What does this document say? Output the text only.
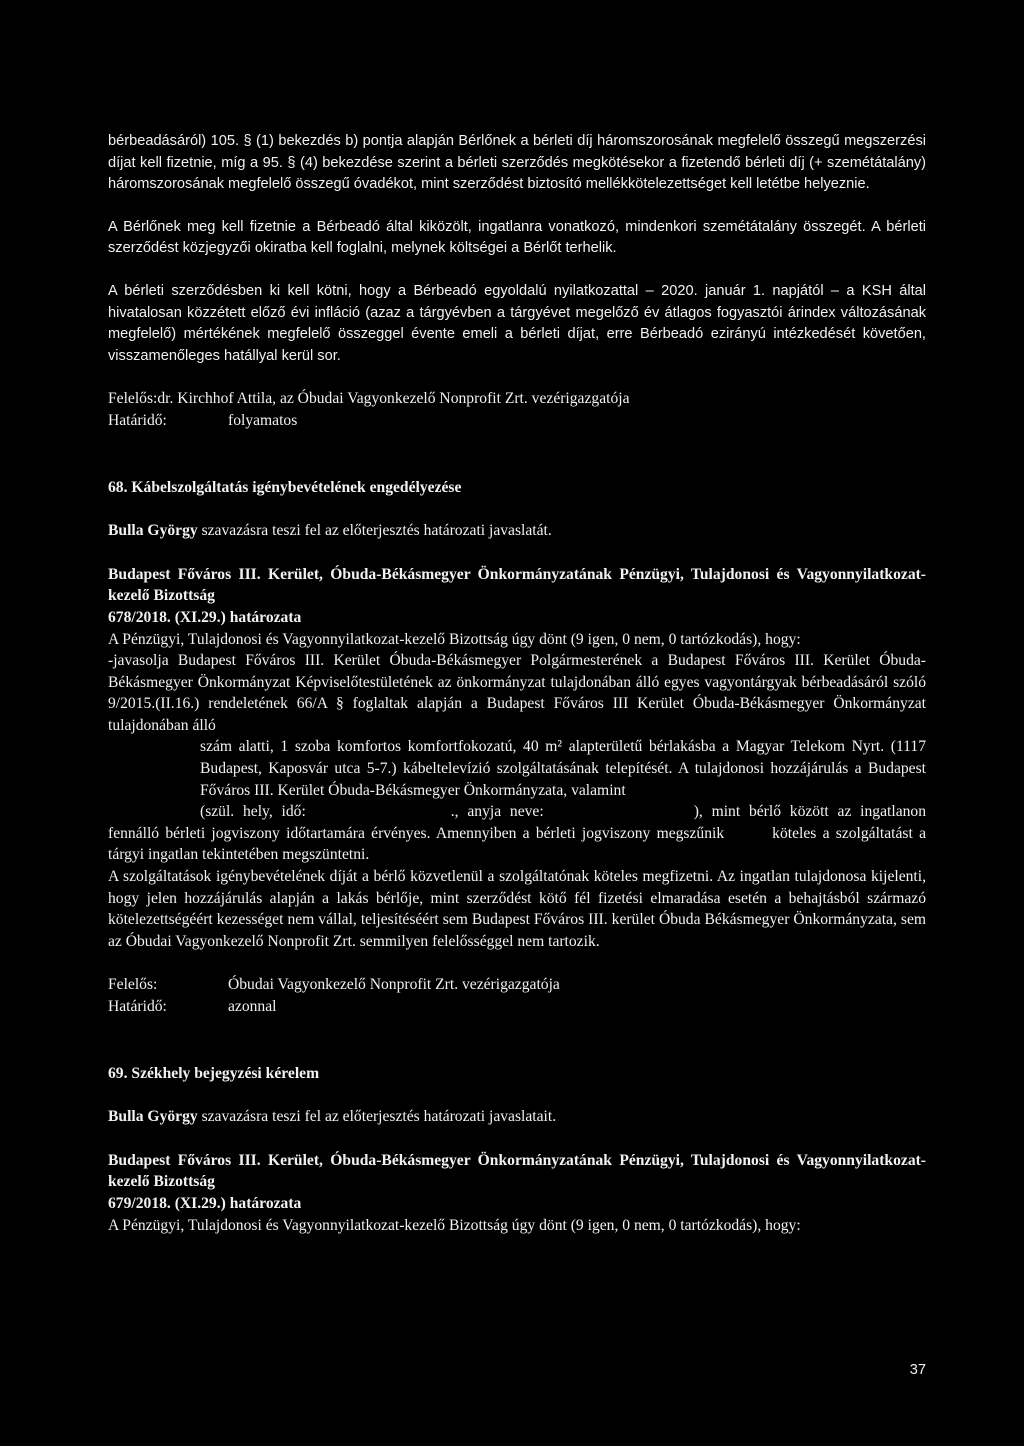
bérbeadásáról) 105. § (1) bekezdés b) pontja alapján Bérlőnek a bérleti díj háromszorosának megfelelő összegű megszerzési díjat kell fizetnie, míg a 95. § (4) bekezdése szerint a bérleti szerződés megkötésekor a fizetendő bérleti díj (+ szemétátalány) háromszorosának megfelelő összegű óvadékot, mint szerződést biztosító mellékkötelezettséget kell letétbe helyeznie.

A Bérlőnek meg kell fizetnie a Bérbeadó által kiközölt, ingatlanra vonatkozó, mindenkori szemétátalány összegét. A bérleti szerződést közjegyzői okiratba kell foglalni, melynek költségei a Bérlőt terhelik.

A bérleti szerződésben ki kell kötni, hogy a Bérbeadó egyoldalú nyilatkozattal – 2020. január 1. napjától – a KSH által hivatalosan közzétett előző évi infláció (azaz a tárgyévben a tárgyévet megelőző év átlagos fogyasztói árindex változásának megfelelő) mértékének megfelelő összeggel évente emeli a bérleti díjat, erre Bérbeadó ezirányú intézkedését követően, visszamenőleges hatállyal kerül sor.

Felelős:dr. Kirchhof Attila, az Óbudai Vagyonkezelő Nonprofit Zrt. vezérigazgatója

Határidő:	folyamatos

68. Kábelszolgáltatás igénybevételének engedélyezése

Bulla György szavazásra teszi fel az előterjesztés határozati javaslatát.

Budapest Főváros III. Kerület, Óbuda-Békásmegyer Önkormányzatának Pénzügyi, Tulajdonosi és Vagyonnyilatkozat-kezelő Bizottság

678/2018. (XI.29.) határozata

A Pénzügyi, Tulajdonosi és Vagyonnyilatkozat-kezelő Bizottság úgy dönt (9 igen, 0 nem, 0 tartózkodás), hogy:

-javasolja Budapest Főváros III. Kerület Óbuda-Békásmegyer Polgármesterének a Budapest Főváros III. Kerület Óbuda-Békásmegyer Önkormányzat Képviselőtestületének az önkormányzat tulajdonában álló egyes vagyontárgyak bérbeadásáról szóló 9/2015.(II.16.) rendeletének 66/A § foglaltak alapján a Budapest Főváros III Kerület Óbuda-Békásmegyer Önkormányzat tulajdonában álló

szám alatti, 1 szoba komfortos komfortfokozatú, 40 m² alapterületű bérlakásba a Magyar Telekom Nyrt. (1117 Budapest, Kaposvár utca 5-7.) kábeltelevízió szolgáltatásának telepítését. A tulajdonosi hozzájárulás a Budapest Főváros III. Kerület Óbuda-Békásmegyer Önkormányzata, valamint

(szül. hely, idő:	., anyja neve:	), mint bérlő között az ingatlanon fennálló bérleti jogviszony időtartamára érvényes. Amennyiben a bérleti jogviszony megszűnik	köteles a szolgáltatást a tárgyi ingatlan tekintetében megszüntetni.

A szolgáltatások igénybevételének díját a bérlő közvetlenül a szolgáltatónak köteles megfizetni. Az ingatlan tulajdonosa kijelenti, hogy jelen hozzájárulás alapján a lakás bérlője, mint szerződést kötő fél fizetési elmaradása esetén a behajtásból származó kötelezettségéért kezességet nem vállal, teljesítéséért sem Budapest Főváros III. kerület Óbuda Békásmegyer Önkormányzata, sem az Óbudai Vagyonkezelő Nonprofit Zrt. semmilyen felelősséggel nem tartozik.

Felelős:	Óbudai Vagyonkezelő Nonprofit Zrt. vezérigazgatója
Határidő:	azonnal

69. Székhely bejegyzési kérelem

Bulla György szavazásra teszi fel az előterjesztés határozati javaslatait.

Budapest Főváros III. Kerület, Óbuda-Békásmegyer Önkormányzatának Pénzügyi, Tulajdonosi és Vagyonnyilatkozat-kezelő Bizottság

679/2018. (XI.29.) határozata

A Pénzügyi, Tulajdonosi és Vagyonnyilatkozat-kezelő Bizottság úgy dönt (9 igen, 0 nem, 0 tartózkodás), hogy:

37
